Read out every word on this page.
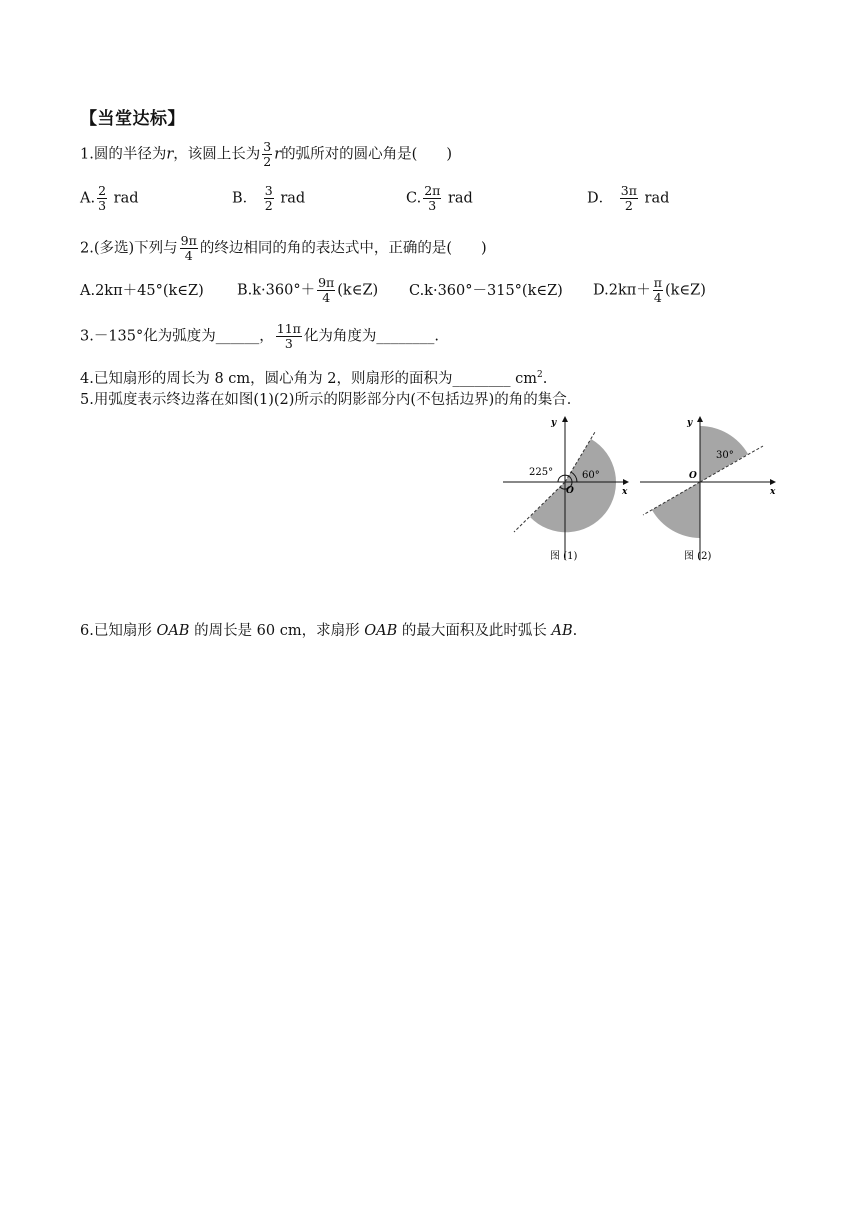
【当堂达标】
1.圆的半径为r，该圆上长为 $\frac{3}{2}$ r的弧所对的圆心角是(　　)
A. $\frac{2}{3}$ rad	B． $\frac{3}{2}$ rad	C. $\frac{2\pi}{3}$ rad	D． $\frac{3\pi}{2}$ rad
2.(多选)下列与 $\frac{9\pi}{4}$ 的终边相同的角的表达式中，正确的是(　　)
A.2kπ＋45°(k∈Z) $B.k\cdot 360^\circ+ \frac{9\pi}{4}$ (k∈Z) C.k·360°－315°(k∈Z) $D.2k\pi+ \frac{\pi}{4}$ (k∈Z)
3.－135°化为弧度为______， $\frac{11\pi}{3}$ 化为角度为________.
4.已知扇形的周长为 8 cm，圆心角为 2，则扇形的面积为________ $cm^2$.
5.用弧度表示终边落在如图(1)(2)所示的阴影部分内(不包括边界)的角的集合．
y
x
O
225°	60°
图 (1)
y
x
O
30°
图 (2)
6.已知扇形 OAB 的周长是 60 cm，求扇形 OAB 的最大面积及此时弧长 AB.
